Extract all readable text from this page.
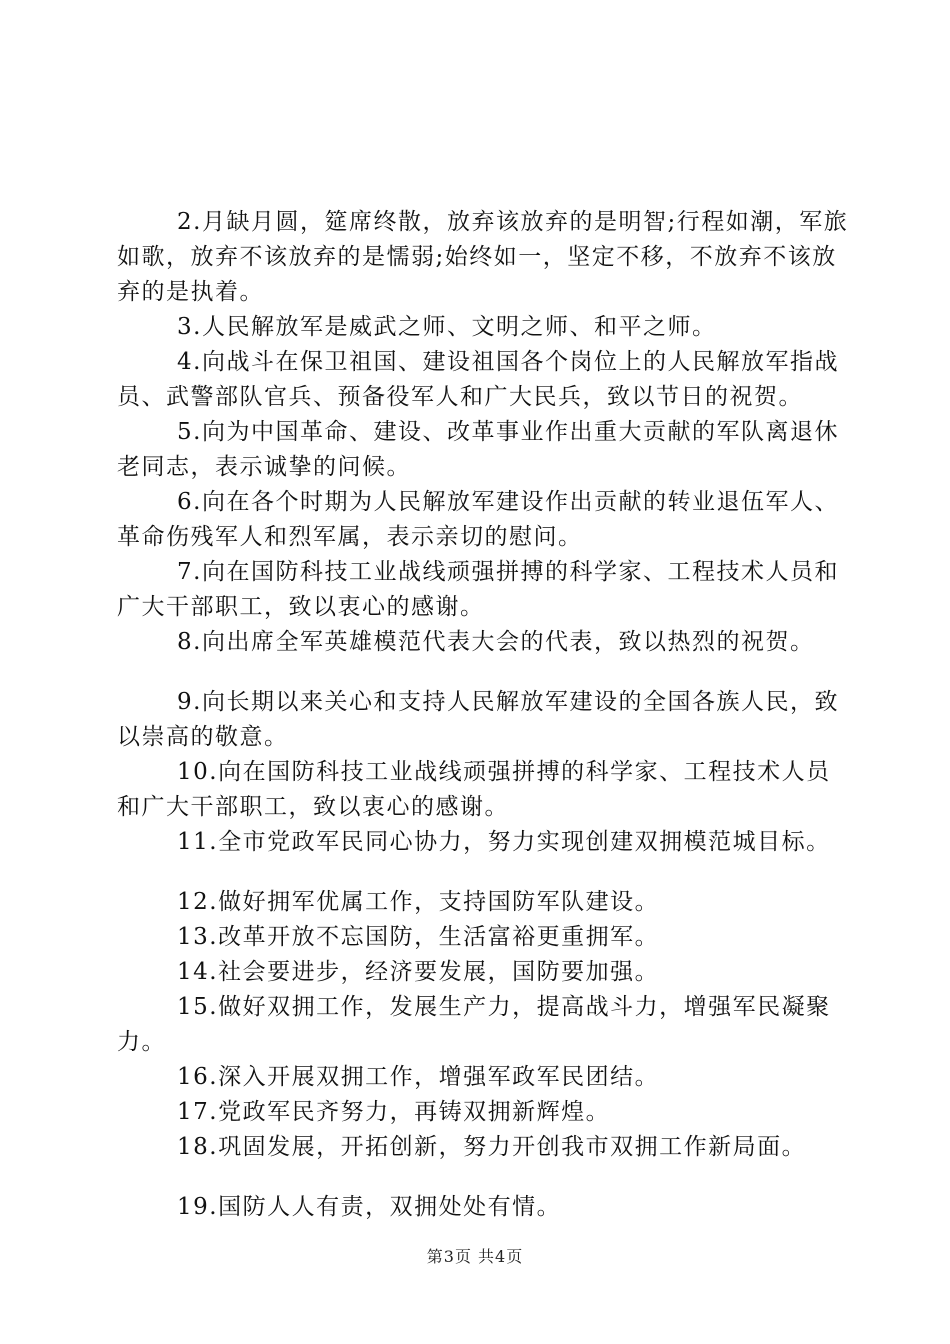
2.月缺月圆，筵席终散，放弃该放弃的是明智;行程如潮，军旅如歌，放弃不该放弃的是懦弱;始终如一，坚定不移，不放弃不该放弃的是执着。

3.人民解放军是威武之师、文明之师、和平之师。

4.向战斗在保卫祖国、建设祖国各个岗位上的人民解放军指战员、武警部队官兵、预备役军人和广大民兵，致以节日的祝贺。

5.向为中国革命、建设、改革事业作出重大贡献的军队离退休老同志，表示诚挚的问候。

6.向在各个时期为人民解放军建设作出贡献的转业退伍军人、革命伤残军人和烈军属，表示亲切的慰问。

7.向在国防科技工业战线顽强拼搏的科学家、工程技术人员和广大干部职工，致以衷心的感谢。

8.向出席全军英雄模范代表大会的代表，致以热烈的祝贺。

9.向长期以来关心和支持人民解放军建设的全国各族人民，致以崇高的敬意。

10.向在国防科技工业战线顽强拼搏的科学家、工程技术人员和广大干部职工，致以衷心的感谢。

11.全市党政军民同心协力，努力实现创建双拥模范城目标。

12.做好拥军优属工作，支持国防军队建设。

13.改革开放不忘国防，生活富裕更重拥军。

14.社会要进步，经济要发展，国防要加强。

15.做好双拥工作，发展生产力，提高战斗力，增强军民凝聚力。

16.深入开展双拥工作，增强军政军民团结。

17.党政军民齐努力，再铸双拥新辉煌。

18.巩固发展，开拓创新，努力开创我市双拥工作新局面。

19.国防人人有责，双拥处处有情。

第3页 共4页
